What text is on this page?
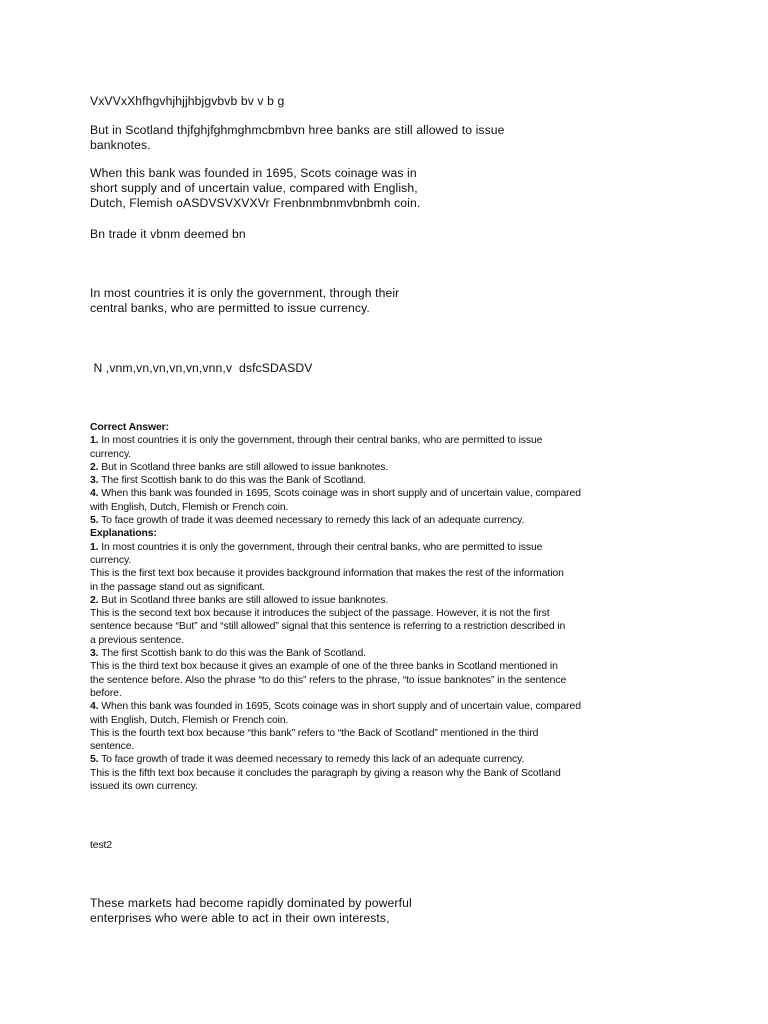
VxVVxXhfhgvhjhjjhbjgvbvb bv v b g

But in Scotland thjfghjfghmghmcbmbvn hree banks are still allowed to issue
banknotes.

When this bank was founded in 1695, Scots coinage was in
short supply and of uncertain value, compared with English,
Dutch, Flemish oASDVSVXVXVr Frenbnmbnmvbnbmh coin.

Bn trade it vbnm deemed bn

In most countries it is only the government, through their
central banks, who are permitted to issue currency.

N ,vnm,vn,vn,vn,vn,vnn,v  dsfcSDASDV

Correct Answer:
1. In most countries it is only the government, through their central banks, who are permitted to issue
currency.
2. But in Scotland three banks are still allowed to issue banknotes.
3. The first Scottish bank to do this was the Bank of Scotland.
4. When this bank was founded in 1695, Scots coinage was in short supply and of uncertain value, compared
with English, Dutch, Flemish or French coin.
5. To face growth of trade it was deemed necessary to remedy this lack of an adequate currency.
Explanations:
1. In most countries it is only the government, through their central banks, who are permitted to issue
currency.
This is the first text box because it provides background information that makes the rest of the information
in the passage stand out as significant.
2. But in Scotland three banks are still allowed to issue banknotes.
This is the second text box because it introduces the subject of the passage. However, it is not the first
sentence because “But” and “still allowed” signal that this sentence is referring to a restriction described in
a previous sentence.
3. The first Scottish bank to do this was the Bank of Scotland.
This is the third text box because it gives an example of one of the three banks in Scotland mentioned in
the sentence before. Also the phrase “to do this” refers to the phrase, “to issue banknotes” in the sentence
before.
4. When this bank was founded in 1695, Scots coinage was in short supply and of uncertain value, compared
with English, Dutch, Flemish or French coin.
This is the fourth text box because “this bank” refers to “the Back of Scotland” mentioned in the third
sentence.
5. To face growth of trade it was deemed necessary to remedy this lack of an adequate currency.
This is the fifth text box because it concludes the paragraph by giving a reason why the Bank of Scotland
issued its own currency.

test2

These markets had become rapidly dominated by powerful
enterprises who were able to act in their own interests,
